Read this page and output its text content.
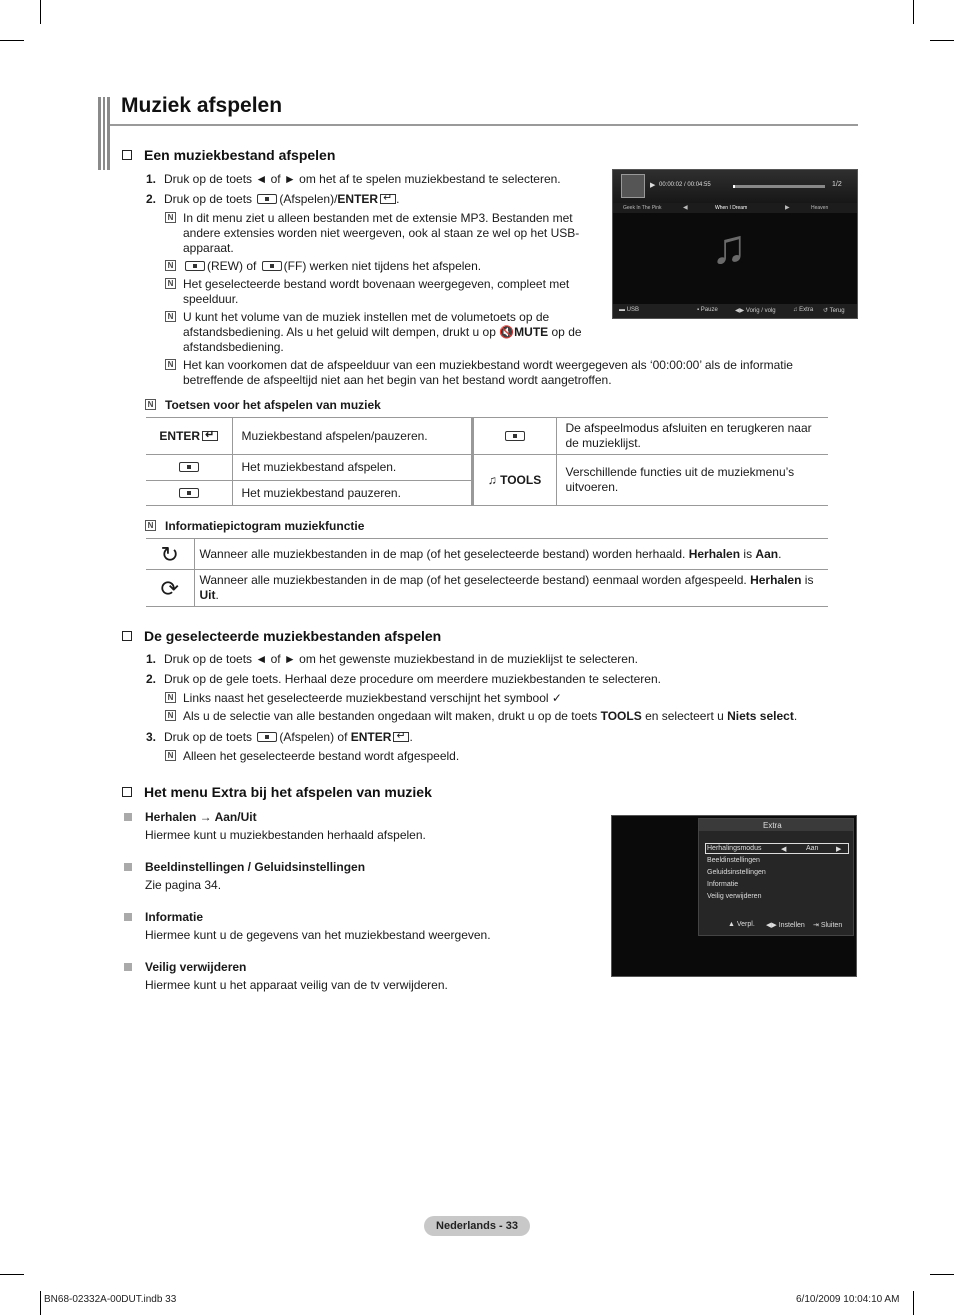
Muziek afspelen
Een muziekbestand afspelen
1. Druk op de toets ◄ of ► om het af te spelen muziekbestand te selecteren.
2. Druk op de toets (Afspelen)/ENTER ↵ .
N In dit menu ziet u alleen bestanden met de extensie MP3. Bestanden met
andere extensies worden niet weergeven, ook al staan ze wel op het USB-
apparaat.
N	(REW) of (FF) werken niet tijdens het afspelen.
N Het geselecteerde bestand wordt bovenaan weergegeven, compleet met
speelduur.
N U kunt het volume van de muziek instellen met de volumetoets op de
afstandsbediening. Als u het geluid wilt dempen, drukt u op 🔇MUTE op de
afstandsbediening.
N Het kan voorkomen dat de afspeelduur van een muziekbestand wordt weergegeven als ‘00:00:00’ als de informatie
betreffende de afspeeltijd niet aan het begin van het bestand wordt aangetroffen.
▶ 00:00:02 / 00:04:55	1/2
Geek In The Pink	◀	When I Dream	▶	Heaven
♫
▬ USB	▪ Pauze	◀▶ Vorig / volg	♫ Extra ↺ Terug
N Toetsen voor het afspelen van muziek
ENTER↵	Muziekbestand afspelen/pauzeren.		De afspeelmodus afsluiten en terugkeren naar
de muzieklijst.

	Het muziekbestand afspelen.	♫ TOOLS	Verschillende functies uit de muziekmenu’s
uitvoeren.

	Het muziekbestand pauzeren.		
N Informatiepictogram muziekfunctie
↻	Wanneer alle muziekbestanden in de map (of het geselecteerde bestand) worden herhaald. Herhalen is Aan.
⟳	Wanneer alle muziekbestanden in de map (of het geselecteerde bestand) eenmaal worden afgespeeld. Herhalen is
Uit.
De geselecteerde muziekbestanden afspelen
1. Druk op de toets ◄ of ► om het gewenste muziekbestand in de muzieklijst te selecteren.
2. Druk op de gele toets. Herhaal deze procedure om meerdere muziekbestanden te selecteren.
N Links naast het geselecteerde muziekbestand verschijnt het symbool ✓
N Als u de selectie van alle bestanden ongedaan wilt maken, drukt u op de toets TOOLS en selecteert u Niets select.
3. Druk op de toets (Afspelen) of ENTER ↵ .
N Alleen het geselecteerde bestand wordt afgespeeld.
Het menu Extra bij het afspelen van muziek
Herhalen → Aan/Uit
Hiermee kunt u muziekbestanden herhaald afspelen.
Beeldinstellingen / Geluidsinstellingen
Zie pagina 34.
Informatie
Hiermee kunt u de gegevens van het muziekbestand weergeven.
Veilig verwijderen
Hiermee kunt u het apparaat veilig van de tv verwijderen.
Extra
Herhalingsmodus	◀	Aan	▶
Beeldinstellingen
Geluidsinstellingen
Informatie
Veilig verwijderen
▲ Verpl. ◀▶ Instellen ⇥ Sluiten
Nederlands - 33
BN68-02332A-00DUT.indb 33	6/10/2009 10:04:10 AM
